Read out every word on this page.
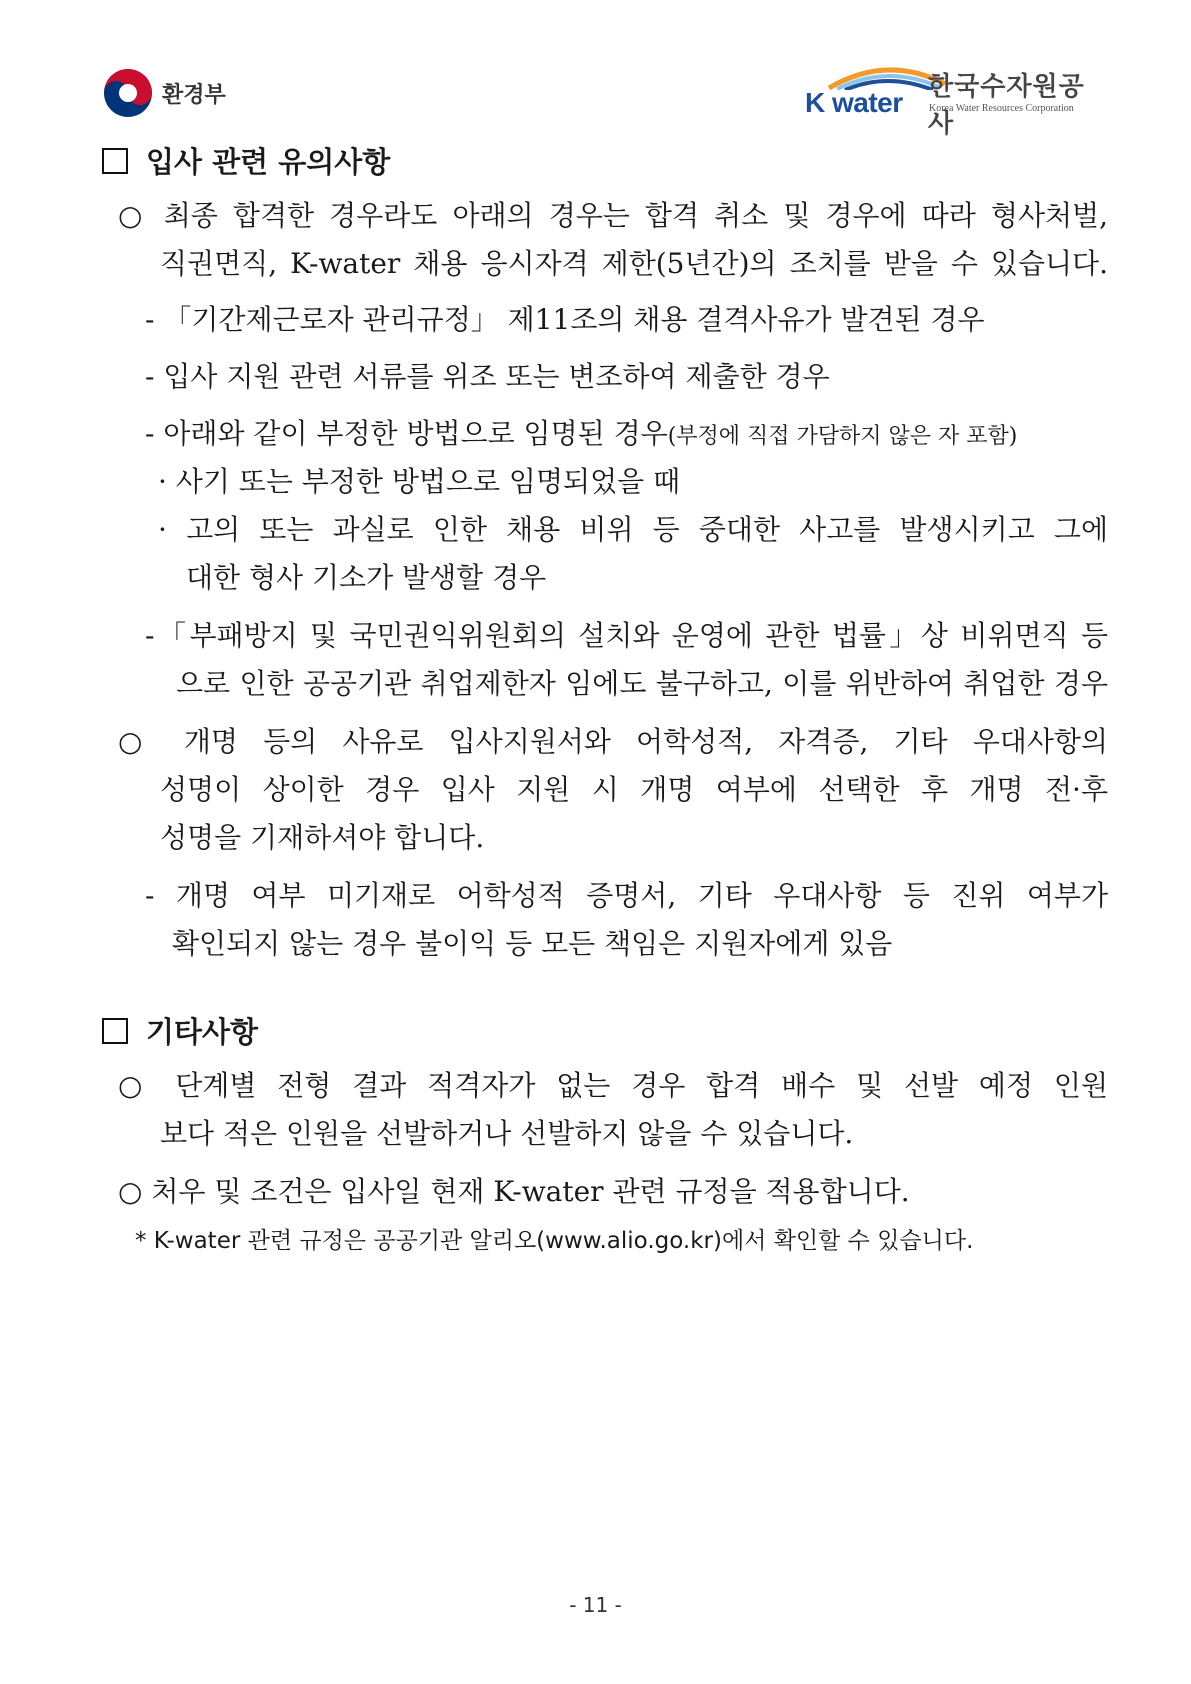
환경부	K water 한국수자원공사
Korea Water Resources Corporation
입사 관련 유의사항
○ 최종 합격한 경우라도 아래의 경우는 합격 취소 및 경우에 따라 형사처벌,
직권면직, K-water 채용 응시자격 제한(5년간)의 조치를 받을 수 있습니다.
- 「기간제근로자 관리규정」 제11조의 채용 결격사유가 발견된 경우
- 입사 지원 관련 서류를 위조 또는 변조하여 제출한 경우
- 아래와 같이 부정한 방법으로 임명된 경우(부정에 직접 가담하지 않은 자 포함)
· 사기 또는 부정한 방법으로 임명되었을 때
· 고의 또는 과실로 인한 채용 비위 등 중대한 사고를 발생시키고 그에
대한 형사 기소가 발생할 경우
-「부패방지 및 국민권익위원회의 설치와 운영에 관한 법률」상 비위면직 등
으로 인한 공공기관 취업제한자 임에도 불구하고, 이를 위반하여 취업한 경우
○ 개명 등의 사유로 입사지원서와 어학성적, 자격증, 기타 우대사항의
성명이 상이한 경우 입사 지원 시 개명 여부에 선택한 후 개명 전·후
성명을 기재하셔야 합니다.
- 개명 여부 미기재로 어학성적 증명서, 기타 우대사항 등 진위 여부가
확인되지 않는 경우 불이익 등 모든 책임은 지원자에게 있음
기타사항
○ 단계별 전형 결과 적격자가 없는 경우 합격 배수 및 선발 예정 인원
보다 적은 인원을 선발하거나 선발하지 않을 수 있습니다.
○ 처우 및 조건은 입사일 현재 K-water 관련 규정을 적용합니다.
* K-water 관련 규정은 공공기관 알리오(www.alio.go.kr)에서 확인할 수 있습니다.
- 11 -
